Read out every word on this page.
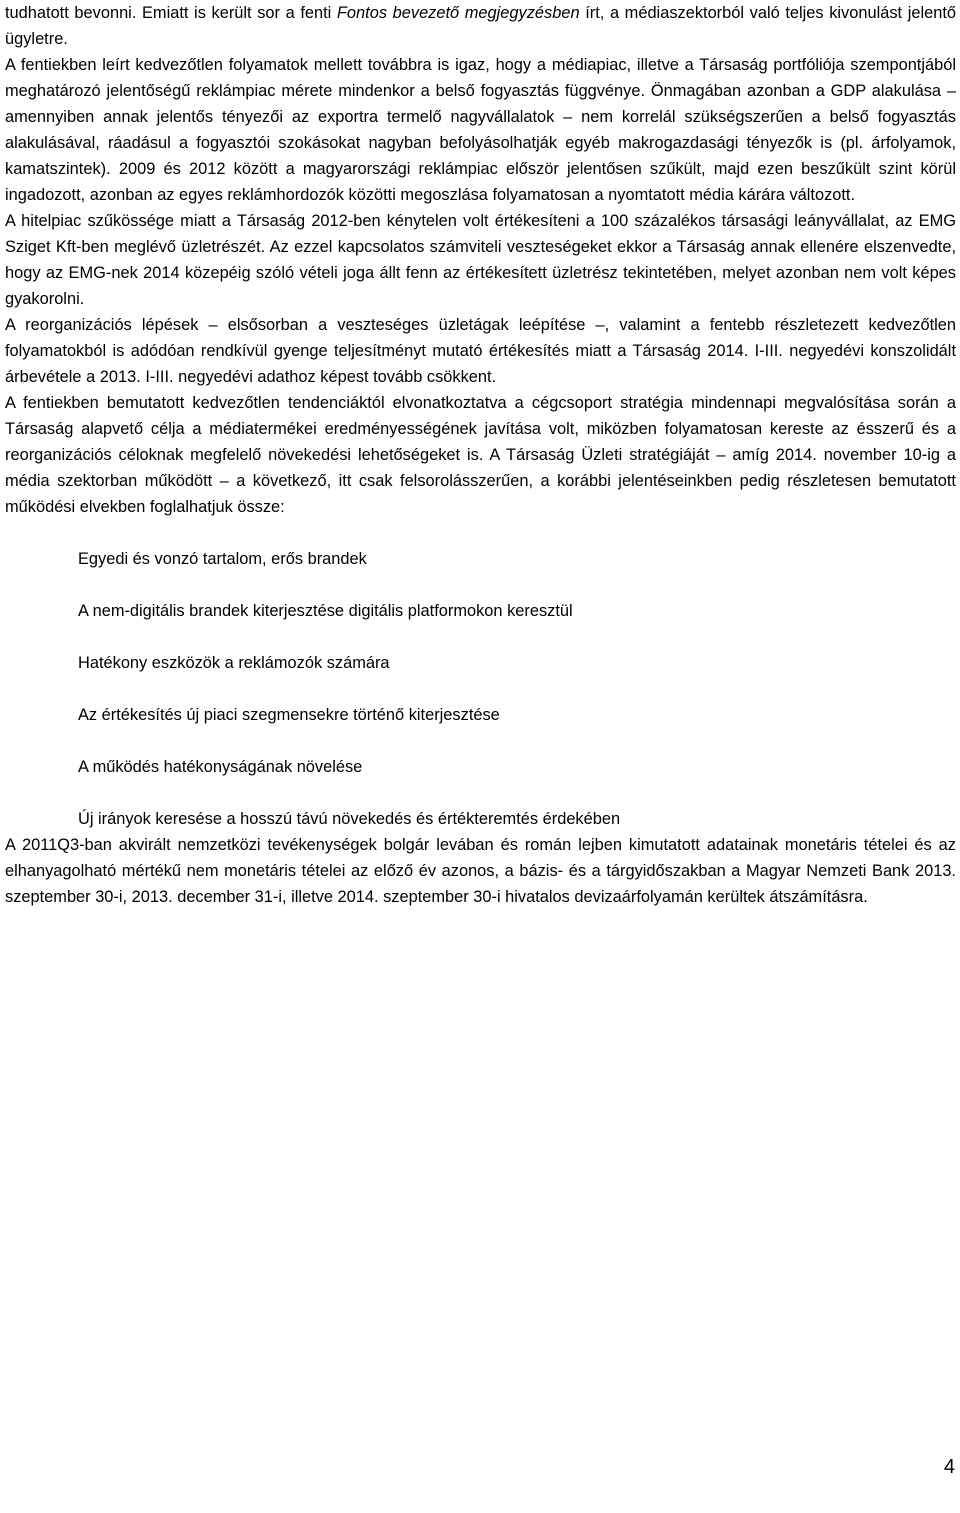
tudhatott bevonni. Emiatt is került sor a fenti Fontos bevezető megjegyzésben írt, a médiaszektorból való teljes kivonulást jelentő ügyletre.

A fentiekben leírt kedvezőtlen folyamatok mellett továbbra is igaz, hogy a médiapiac, illetve a Társaság portfóliója szempontjából meghatározó jelentőségű reklámpiac mérete mindenkor a belső fogyasztás függvénye. Önmagában azonban a GDP alakulása – amennyiben annak jelentős tényezői az exportra termelő nagyvállalatok – nem korrelál szükségszerűen a belső fogyasztás alakulásával, ráadásul a fogyasztói szokásokat nagyban befolyásolhatják egyéb makrogazdasági tényezők is (pl. árfolyamok, kamatszintek). 2009 és 2012 között a magyarországi reklámpiac először jelentősen szűkült, majd ezen beszűkült szint körül ingadozott, azonban az egyes reklámhordozók közötti megoszlása folyamatosan a nyomtatott média kárára változott.

A hitelpiac szűkössége miatt a Társaság 2012-ben kénytelen volt értékesíteni a 100 százalékos társasági leányvállalat, az EMG Sziget Kft-ben meglévő üzletrészét. Az ezzel kapcsolatos számviteli veszteségeket ekkor a Társaság annak ellenére elszenvedte, hogy az EMG-nek 2014 közepéig szóló vételi joga állt fenn az értékesített üzletrész tekintetében, melyet azonban nem volt képes gyakorolni.

A reorganizációs lépések – elsősorban a veszteséges üzletágak leépítése –, valamint a fentebb részletezett kedvezőtlen folyamatokból is adódóan rendkívül gyenge teljesítményt mutató értékesítés miatt a Társaság 2014. I-III. negyedévi konszolidált árbevétele a 2013. I-III. negyedévi adathoz képest tovább csökkent.

A fentiekben bemutatott kedvezőtlen tendenciáktól elvonatkoztatva a cégcsoport stratégia mindennapi megvalósítása során a Társaság alapvető célja a médiatermékei eredményességének javítása volt, miközben folyamatosan kereste az ésszerű és a reorganizációs céloknak megfelelő növekedési lehetőségeket is. A Társaság Üzleti stratégiáját – amíg 2014. november 10-ig a média szektorban működött – a következő, itt csak felsorolásszerűen, a korábbi jelentéseinkben pedig részletesen bemutatott működési elvekben foglalhatjuk össze:

Egyedi és vonzó tartalom, erős brandek
A nem-digitális brandek kiterjesztése digitális platformokon keresztül
Hatékony eszközök a reklámozók számára
Az értékesítés új piaci szegmensekre történő kiterjesztése
A működés hatékonyságának növelése
Új irányok keresése a hosszú távú növekedés és értékteremtés érdekében

A 2011Q3-ban akvirált nemzetközi tevékenységek bolgár levában és román lejben kimutatott adatainak monetáris tételei és az elhanyagolható mértékű nem monetáris tételei az előző év azonos, a bázis- és a tárgyidőszakban a Magyar Nemzeti Bank 2013. szeptember 30-i, 2013. december 31-i, illetve 2014. szeptember 30-i hivatalos devizaárfolyamán kerültek átszámításra.

4
